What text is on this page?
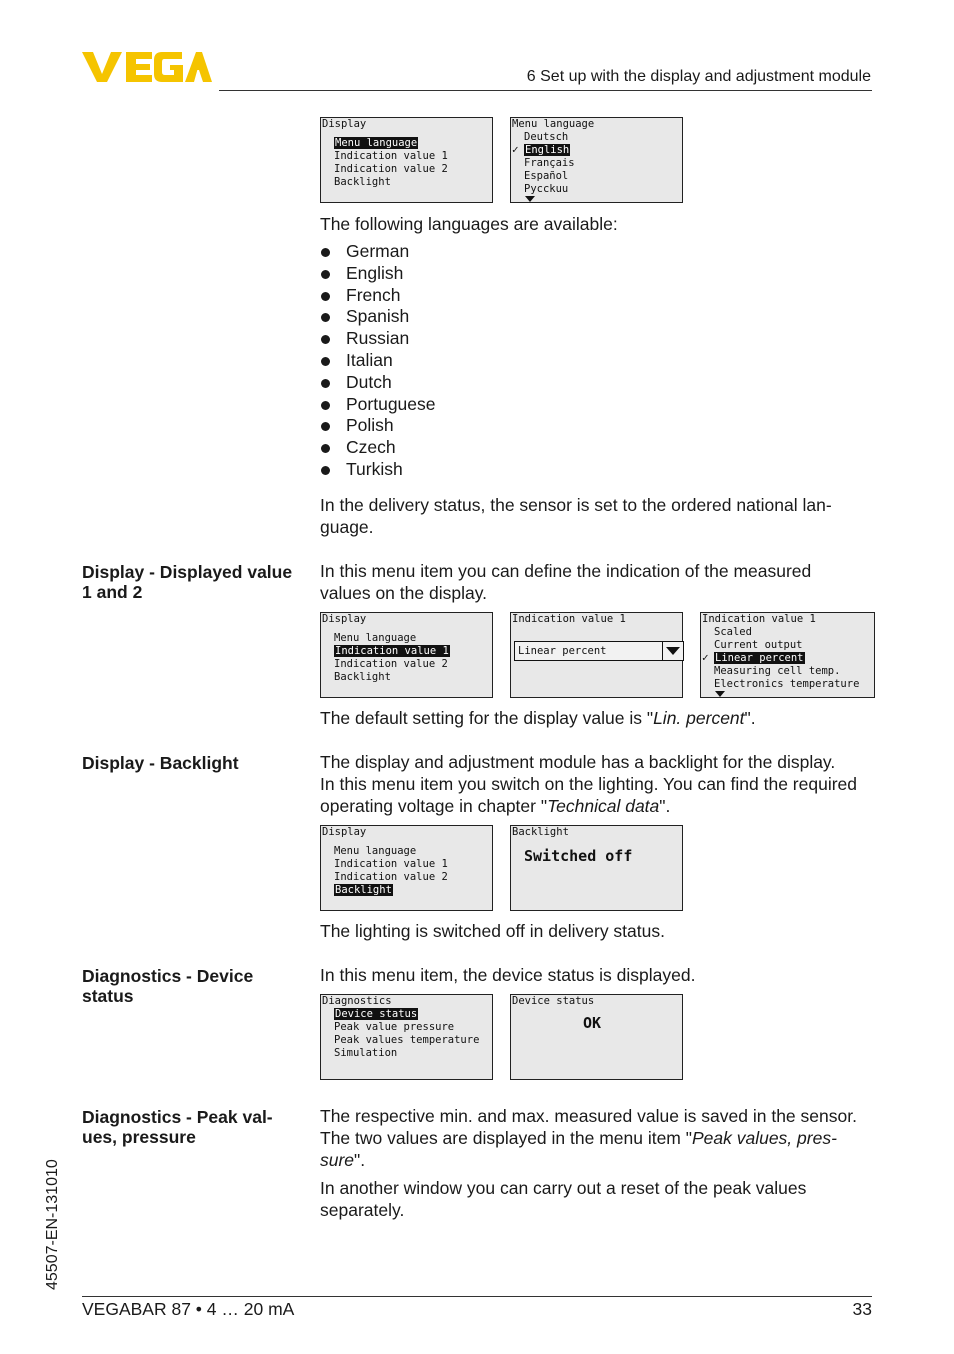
6 Set up with the display and adjustment module
Display
Menu language
Indication value 1
Indication value 2
Backlight
Menu language
Deutsch
✓ English
Français
Español
Pycckuu
The following languages are available:
German
English
French
Spanish
Russian
Italian
Dutch
Portuguese
Polish
Czech
Turkish
In the delivery status, the sensor is set to the ordered national lan-
guage.
Display - Displayed value
1 and 2
In this menu item you can define the indication of the measured
values on the display.
Display
Menu language
Indication value 1
Indication value 2
Backlight
Indication value 1
Linear percent
Indication value 1
Scaled
Current output
✓ Linear percent
Measuring cell temp.
Electronics temperature
The default setting for the display value is "Lin. percent".
Display - Backlight	The display and adjustment module has a backlight for the display.
In this menu item you switch on the lighting. You can find the required
operating voltage in chapter "Technical data".
Display
Menu language
Indication value 1
Indication value 2
Backlight
Backlight
Switched off
The lighting is switched off in delivery status.
Diagnostics - Device
status
In this menu item, the device status is displayed.
Diagnostics
Device status
Peak value pressure
Peak values temperature
Simulation
Device status
OK
Diagnostics - Peak val-
ues, pressure
The respective min. and max. measured value is saved in the sensor.
The two values are displayed in the menu item "Peak values, pres-
sure".
In another window you can carry out a reset of the peak values
separately.
45507-EN-131010
VEGABAR 87 • 4 … 20 mA	33
